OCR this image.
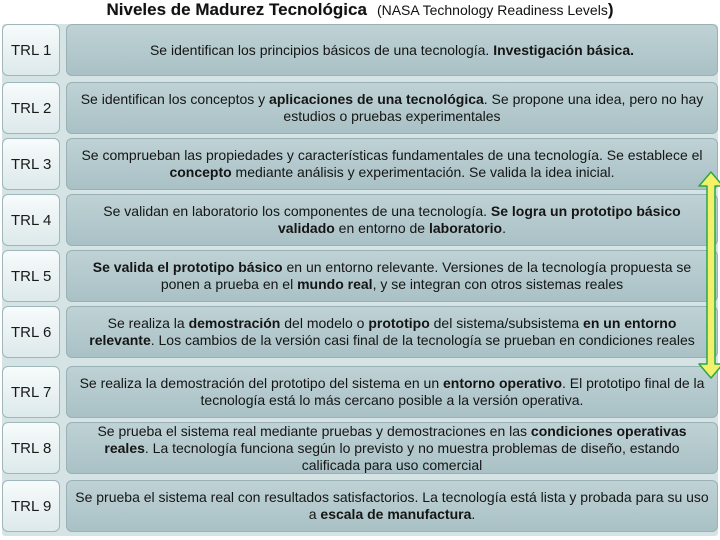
Niveles de Madurez Tecnológica (NASA Technology Readiness Levels)
TRL 1	Se identifican los principios básicos de una tecnología. Investigación básica.
TRL 2
Se identifican los conceptos y aplicaciones de una tecnológica. Se propone una idea, pero no hay estudios o pruebas experimentales
TRL 3
Se comprueban las propiedades y características fundamentales de una tecnología. Se establece el concepto mediante análisis y experimentación. Se valida la idea inicial.
TRL 4
Se validan en laboratorio los componentes de una tecnología. Se logra un prototipo básico validado en entorno de laboratorio.
TRL 5
Se valida el prototipo básico en un entorno relevante. Versiones de la tecnología propuesta se ponen a prueba en el mundo real, y se integran con otros sistemas reales
TRL 6
Se realiza la demostración del modelo o prototipo del sistema/subsistema en un entorno relevante. Los cambios de la versión casi final de la tecnología se prueban en condiciones reales
TRL 7
Se realiza la demostración del prototipo del sistema en un entorno operativo. El prototipo final de la tecnología está lo más cercano posible a la versión operativa.
TRL 8
Se prueba el sistema real mediante pruebas y demostraciones en las condiciones operativas reales. La tecnología funciona según lo previsto y no muestra problemas de diseño, estando calificada para uso comercial
TRL 9
Se prueba el sistema real con resultados satisfactorios. La tecnología está lista y probada para su uso a escala de manufactura.
